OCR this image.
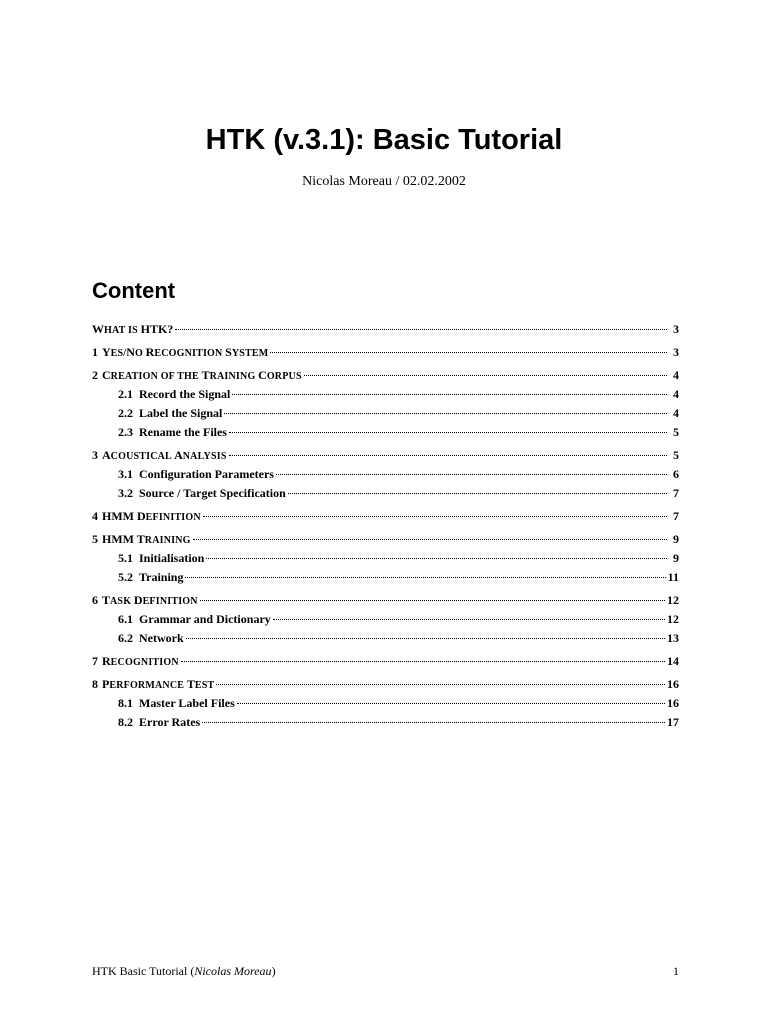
HTK (v.3.1): Basic Tutorial
Nicolas Moreau / 02.02.2002
Content
WHAT IS HTK?	3
1 YES/NO RECOGNITION SYSTEM	3
2 CREATION OF THE TRAINING CORPUS	4
2.1 Record the Signal	4
2.2 Label the Signal	4
2.3 Rename the Files	5
3 ACOUSTICAL ANALYSIS	5
3.1 Configuration Parameters	6
3.2 Source / Target Specification	7
4 HMM DEFINITION	7
5 HMM TRAINING	9
5.1 Initialisation	9
5.2 Training	11
6 TASK DEFINITION	12
6.1 Grammar and Dictionary	12
6.2 Network	13
7 RECOGNITION	14
8 PERFORMANCE TEST	16
8.1 Master Label Files	16
8.2 Error Rates	17
HTK Basic Tutorial (Nicolas Moreau)	1
